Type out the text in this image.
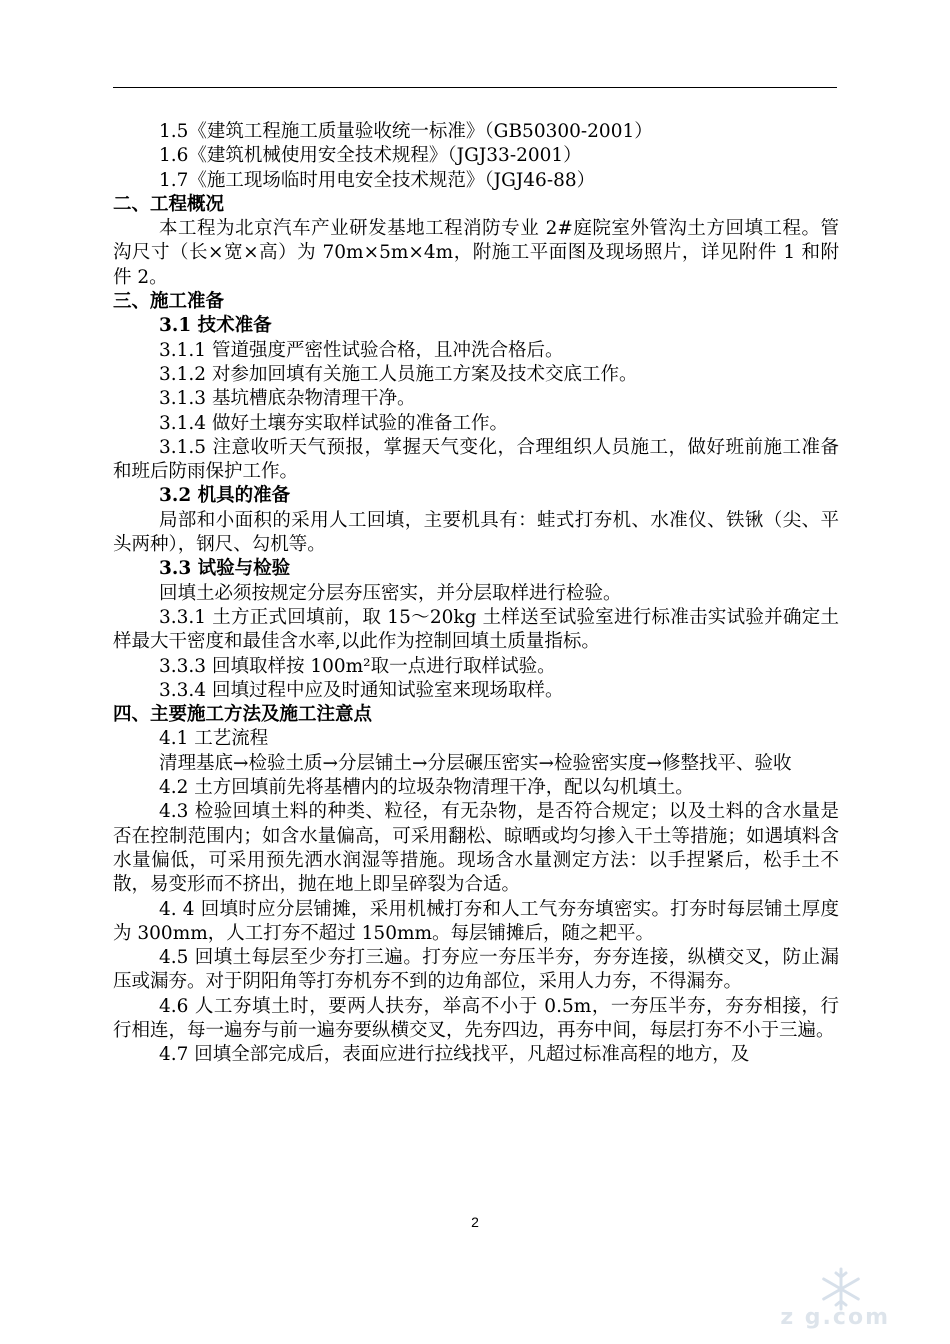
1.5《建筑工程施工质量验收统一标准》（GB50300-2001）
1.6《建筑机械使用安全技术规程》（JGJ33-2001）
1.7《施工现场临时用电安全技术规范》（JGJ46-88）
二、工程概况
本工程为北京汽车产业研发基地工程消防专业 2#庭院室外管沟土方回填工程。管沟尺寸（长×宽×高）为 70m×5m×4m，附施工平面图及现场照片，详见附件 1 和附件 2。
三、施工准备
3.1 技术准备
3.1.1 管道强度严密性试验合格，且冲洗合格后。
3.1.2 对参加回填有关施工人员施工方案及技术交底工作。
3.1.3 基坑槽底杂物清理干净。
3.1.4 做好土壤夯实取样试验的准备工作。
3.1.5 注意收听天气预报，掌握天气变化，合理组织人员施工，做好班前施工准备和班后防雨保护工作。
3.2 机具的准备
局部和小面积的采用人工回填，主要机具有：蛙式打夯机、水准仪、铁锹（尖、平头两种），钢尺、勾机等。
3.3 试验与检验
回填土必须按规定分层夯压密实，并分层取样进行检验。
3.3.1 土方正式回填前，取 15～20kg 土样送至试验室进行标准击实试验并确定土样最大干密度和最佳含水率,以此作为控制回填土质量指标。
3.3.3 回填取样按 100m²取一点进行取样试验。
3.3.4 回填过程中应及时通知试验室来现场取样。
四、主要施工方法及施工注意点
4.1 工艺流程
清理基底→检验土质→分层铺土→分层碾压密实→检验密实度→修整找平、验收
4.2 土方回填前先将基槽内的垃圾杂物清理干净，配以勾机填土。
4.3 检验回填土料的种类、粒径，有无杂物，是否符合规定；以及土料的含水量是否在控制范围内；如含水量偏高，可采用翻松、晾晒或均匀掺入干土等措施；如遇填料含水量偏低，可采用预先洒水润湿等措施。现场含水量测定方法：以手捏紧后，松手土不散，易变形而不挤出，抛在地上即呈碎裂为合适。
4. 4 回填时应分层铺摊，采用机械打夯和人工气夯夯填密实。打夯时每层铺土厚度为 300mm，人工打夯不超过 150mm。每层铺摊后，随之耙平。
4.5 回填土每层至少夯打三遍。打夯应一夯压半夯，夯夯连接，纵横交叉，防止漏压或漏夯。对于阴阳角等打夯机夯不到的边角部位，采用人力夯，不得漏夯。
4.6 人工夯填土时，要两人扶夯，举高不小于 0.5m，一夯压半夯，夯夯相接，行行相连，每一遍夯与前一遍夯要纵横交叉，先夯四边，再夯中间，每层打夯不小于三遍。
4.7 回填全部完成后，表面应进行拉线找平，凡超过标准高程的地方，及
2
z g.com
